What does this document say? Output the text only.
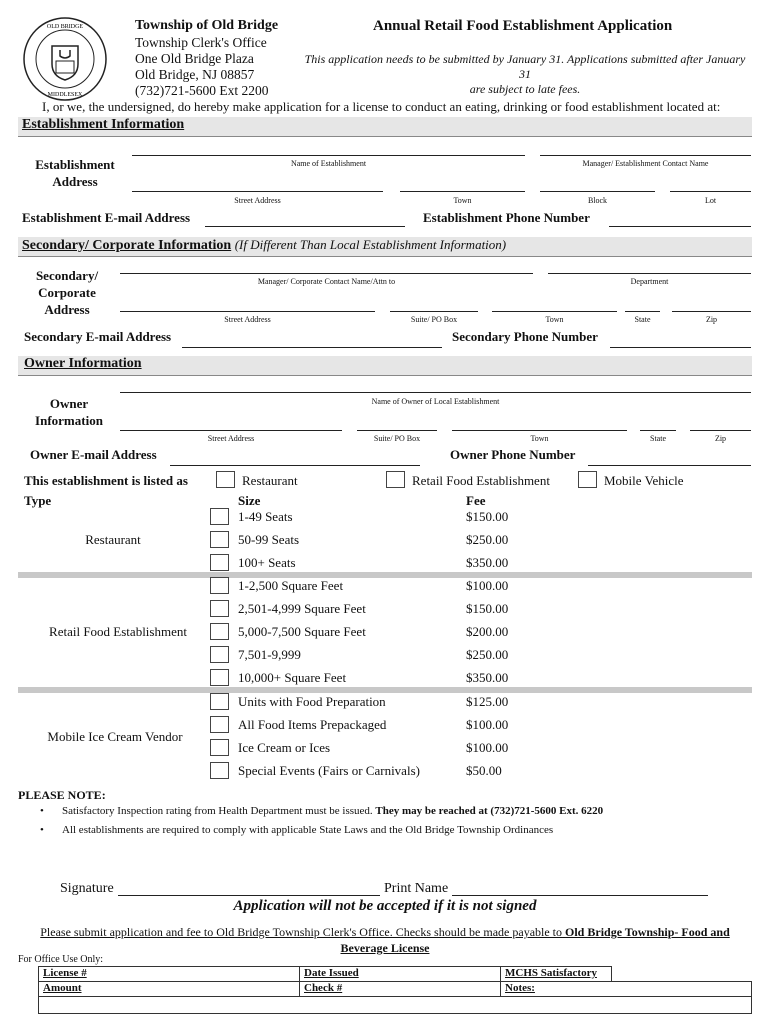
OLD BRIDGE
MIDDLESEX
Township of Old Bridge
Township Clerk's Office
One Old Bridge Plaza
Old Bridge, NJ 08857
(732)721-5600 Ext 2200
Annual Retail Food Establishment Application
This application needs to be submitted by January 31. Applications submitted after January 31
are subject to late fees.
I, or we, the undersigned, do hereby make application for a license to conduct an eating, drinking or food establishment located at:
Establishment Information
Establishment
Address
Name of Establishment	Manager/ Establishment Contact Name
Street Address	Town	Block	Lot
Establishment E-mail Address	Establishment Phone Number
Secondary/ Corporate Information (If Different Than Local Establishment Information)
Secondary/
Corporate
Address
Manager/ Corporate Contact Name/Attn to	Department
Street Address	Suite/ PO Box	Town	State	Zip
Secondary E-mail Address	Secondary Phone Number
Owner Information
Owner
Information
Name of Owner of Local Establishment
Street Address	Suite/ PO Box	Town	State	Zip
Owner E-mail Address	Owner Phone Number
This establishment is listed as	Restaurant	Retail Food Establishment	Mobile Vehicle
Type	Size	Fee
Restaurant
1-49 Seats	$150.00
50-99 Seats	$250.00
100+ Seats	$350.00
Retail Food Establishment
1-2,500 Square Feet	$100.00
2,501-4,999 Square Feet	$150.00
5,000-7,500 Square Feet	$200.00
7,501-9,999	$250.00
10,000+ Square Feet	$350.00
Mobile Ice Cream Vendor
Units with Food Preparation	$125.00
All Food Items Prepackaged	$100.00
Ice Cream or Ices	$100.00
Special Events (Fairs or Carnivals)	$50.00
PLEASE NOTE:
• Satisfactory Inspection rating from Health Department must be issued. They may be reached at (732)721-5600 Ext. 6220
• All establishments are required to comply with applicable State Laws and the Old Bridge Township Ordinances
Signature	Print Name
Application will not be accepted if it is not signed
Please submit application and fee to Old Bridge Township Clerk's Office. Checks should be made payable to Old Bridge Township- Food and
Beverage License
For Office Use Only:
License #	Date Issued	MCHS Satisfactory	
Amount	Check #	Notes:	
